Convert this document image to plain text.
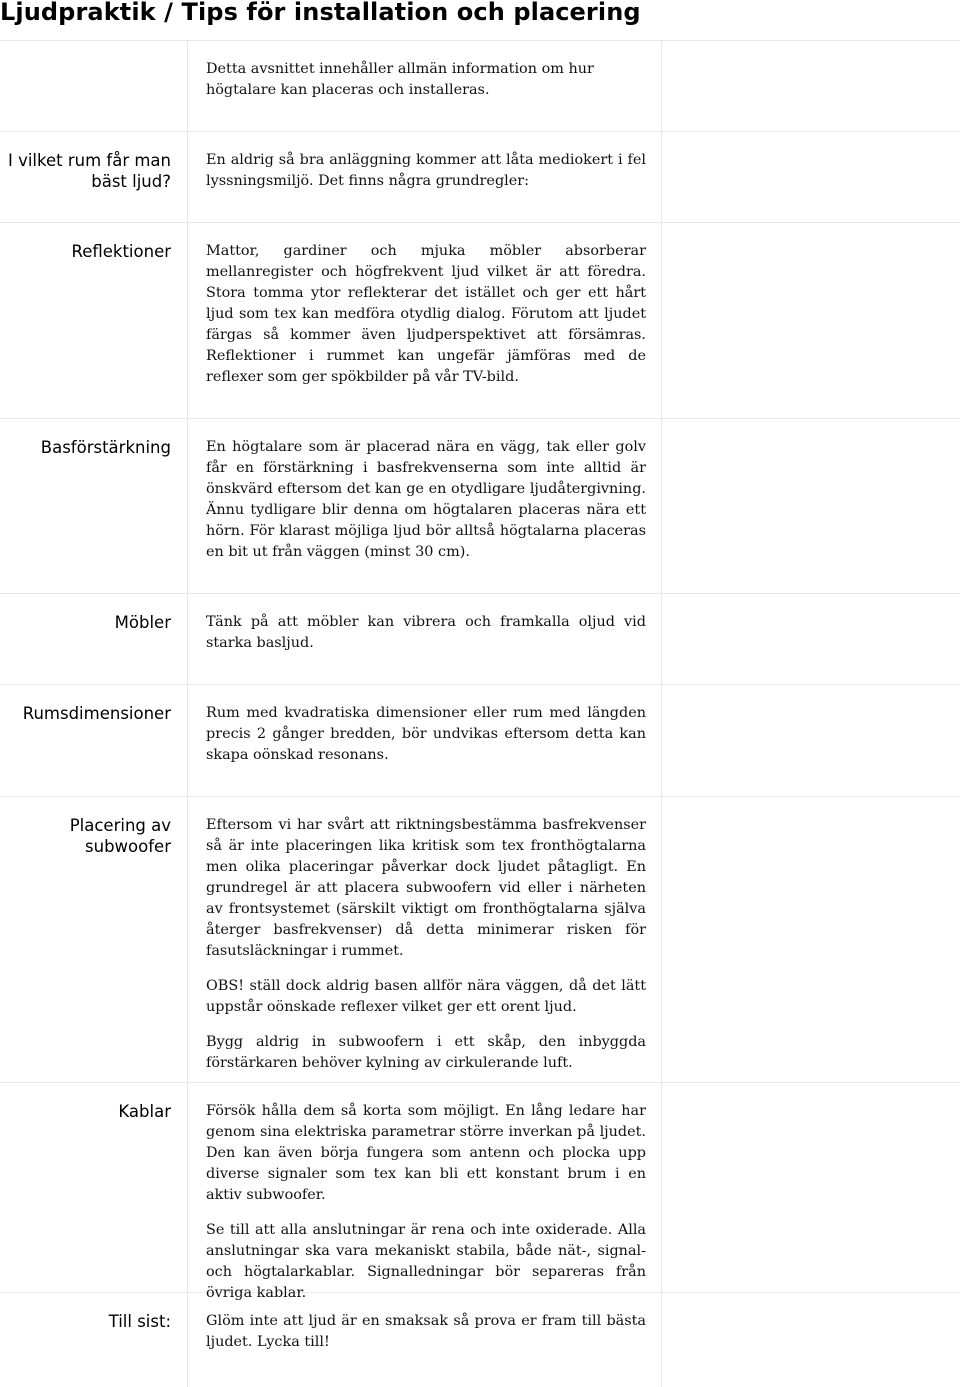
Ljudpraktik / Tips för installation och placering
Detta avsnittet innehåller allmän information om hur högtalare kan placeras och installeras.
I vilket rum får man bäst ljud?

En aldrig så bra anläggning kommer att låta mediokert i fel lyssningsmiljö. Det finns några grundregler:

Reflektioner Mattor, gardiner och mjuka möbler absorberar mellanregister och högfrekvent ljud vilket är att föredra. Stora tomma ytor reflekterar det istället och ger ett hårt ljud som tex kan medföra otydlig dialog. Förutom att ljudet färgas så kommer även ljudperspektivet att försämras. Reflektioner i rummet kan ungefär jämföras med de reflexer som ger spökbilder på vår TV-bild.

Basförstärkning En högtalare som är placerad nära en vägg, tak eller golv får en förstärkning i basfrekvenserna som inte alltid är önskvärd eftersom det kan ge en otydligare ljudåtergivning. Ännu tydligare blir denna om högtalaren placeras nära ett hörn. För klarast möjliga ljud bör alltså högtalarna placeras en bit ut från väggen (minst 30 cm).

Möbler Tänk på att möbler kan vibrera och framkalla oljud vid starka basljud.

Rumsdimensioner Rum med kvadratiska dimensioner eller rum med längden precis 2 gånger bredden, bör undvikas eftersom detta kan skapa oönskad resonans.

Placering av subwoofer

Eftersom vi har svårt att riktningsbestämma basfrekvenser så är inte placeringen lika kritisk som tex fronthögtalarna men olika placeringar påverkar dock ljudet påtagligt. En grundregel är att placera subwoofern vid eller i närheten av frontsystemet (särskilt viktigt om fronthögtalarna själva återger basfrekvenser) då detta minimerar risken för fasutsläckningar i rummet.

OBS! ställ dock aldrig basen allför nära väggen, då det lätt uppstår oönskade reflexer vilket ger ett orent ljud.

Bygg aldrig in subwoofern i ett skåp, den inbyggda förstärkaren behöver kylning av cirkulerande luft.

Kablar Försök hålla dem så korta som möjligt. En lång ledare har genom sina elektriska parametrar större inverkan på ljudet. Den kan även börja fungera som antenn och plocka upp diverse signaler som tex kan bli ett konstant brum i en aktiv subwoofer.

Se till att alla anslutningar är rena och inte oxiderade. Alla anslutningar ska vara mekaniskt stabila, både nät-, signal- och högtalarkablar. Signalledningar bör separeras från övriga kablar.

Till sist: Glöm inte att ljud är en smaksak så prova er fram till bästa ljudet. Lycka till!
